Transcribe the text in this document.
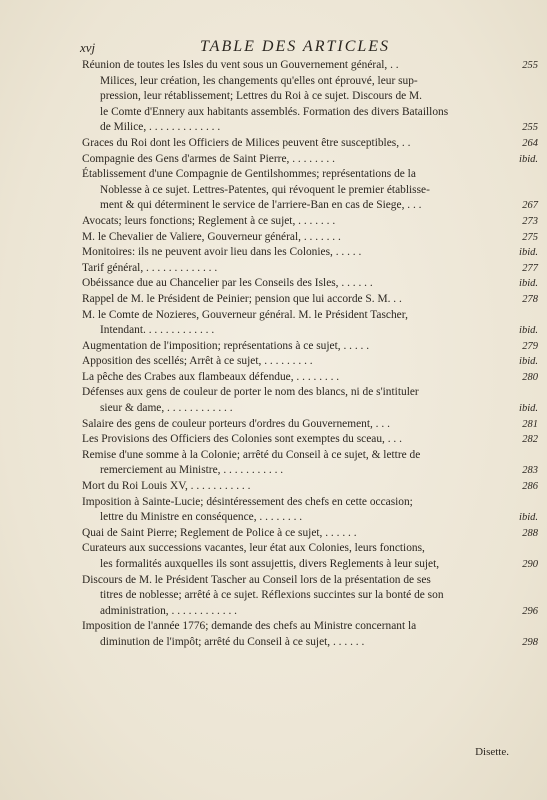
xvj	TABLE DES ARTICLES
Réunion de toutes les Isles du vent sous un Gouvernement général, . .	255
Milices, leur création, les changements qu'elles ont éprouvé, leur sup-
pression, leur rétablissement; Lettres du Roi à ce sujet. Discours de M.
le Comte d'Ennery aux habitants assemblés. Formation des divers Bataillons
de Milice, . . . . . . . . . . . . .	255
Graces du Roi dont les Officiers de Milices peuvent être susceptibles, . .	264
Compagnie des Gens d'armes de Saint Pierre, . . . . . . . .	ibid.
Établissement d'une Compagnie de Gentilshommes; représentations de la
Noblesse à ce sujet. Lettres-Patentes, qui révoquent le premier établisse-
ment & qui déterminent le service de l'arriere-Ban en cas de Siege, . . .	267
Avocats; leurs fonctions; Reglement à ce sujet, . . . . . . .	273
M. le Chevalier de Valiere, Gouverneur général, . . . . . . .	275
Monitoires: ils ne peuvent avoir lieu dans les Colonies, . . . . .	ibid.
Tarif général, . . . . . . . . . . . . .	277
Obéissance due au Chancelier par les Conseils des Isles, . . . . . .	ibid.
Rappel de M. le Président de Peinier; pension que lui accorde S. M. . .	278
M. le Comte de Nozieres, Gouverneur général. M. le Président Tascher,
Intendant. . . . . . . . . . . . .	ibid.
Augmentation de l'imposition; représentations à ce sujet, . . . . .	279
Apposition des scellés; Arrêt à ce sujet, . . . . . . . . .	ibid.
La pêche des Crabes aux flambeaux défendue, . . . . . . . .	280
Défenses aux gens de couleur de porter le nom des blancs, ni de s'intituler
sieur & dame, . . . . . . . . . . . .	ibid.
Salaire des gens de couleur porteurs d'ordres du Gouvernement, . . .	281
Les Provisions des Officiers des Colonies sont exemptes du sceau, . . .	282
Remise d'une somme à la Colonie; arrêté du Conseil à ce sujet, & lettre de
remerciement au Ministre, . . . . . . . . . . .	283
Mort du Roi Louis XV, . . . . . . . . . . .	286
Imposition à Sainte-Lucie; désintéressement des chefs en cette occasion;
lettre du Ministre en conséquence, . . . . . . . .	ibid.
Quai de Saint Pierre; Reglement de Police à ce sujet, . . . . . .	288
Curateurs aux successions vacantes, leur état aux Colonies, leurs fonctions,
les formalités auxquelles ils sont assujettis, divers Reglements à leur sujet,	290
Discours de M. le Président Tascher au Conseil lors de la présentation de ses
titres de noblesse; arrêté à ce sujet. Réflexions succintes sur la bonté de son
administration, . . . . . . . . . . . .	296
Imposition de l'année 1776; demande des chefs au Ministre concernant la
diminution de l'impôt; arrêté du Conseil à ce sujet, . . . . . .	298
Disette.
